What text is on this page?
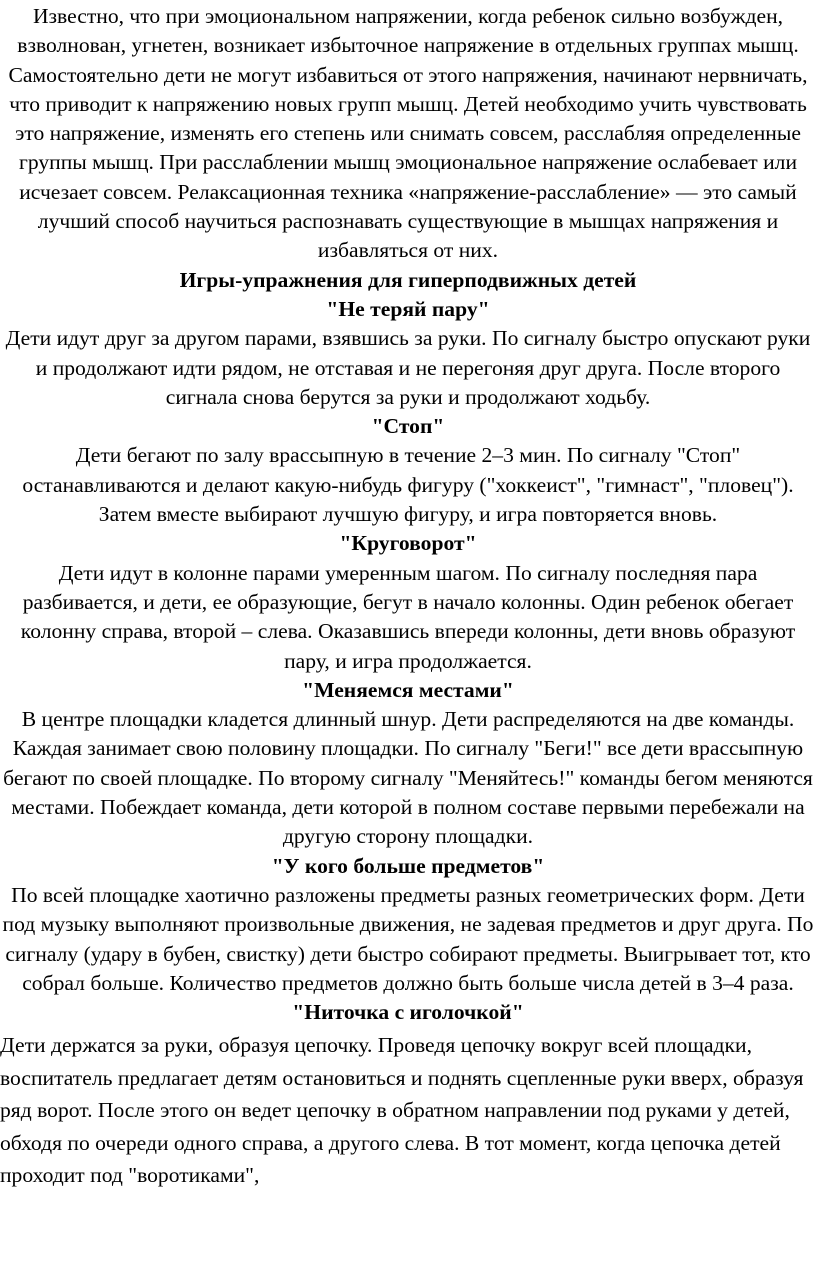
Известно, что при эмоциональном напряжении, когда ребенок сильно возбужден, взволнован, угнетен, возникает избыточное напряжение в отдельных группах мышц. Самостоятельно дети не могут избавиться от этого напряжения, начинают нервничать, что приводит к напряжению новых групп мышц. Детей необходимо учить чувствовать это напряжение, изменять его степень или снимать совсем, расслабляя определенные группы мышц. При расслаблении мышц эмоциональное напряжение ослабевает или исчезает совсем. Релаксационная техника «напряжение-расслабление» — это самый лучший способ научиться распознавать существующие в мышцах напряжения и избавляться от них.

Игры-упражнения для гиперподвижных детей

"Не теряй пару"

Дети идут друг за другом парами, взявшись за руки. По сигналу быстро опускают руки и продолжают идти рядом, не отставая и не перегоняя друг друга. После второго сигнала снова берутся за руки и продолжают ходьбу.

"Стоп"

Дети бегают по залу врассыпную в течение 2–3 мин. По сигналу "Стоп" останавливаются и делают какую-нибудь фигуру ("хоккеист", "гимнаст", "пловец"). Затем вместе выбирают лучшую фигуру, и игра повторяется вновь.

"Круговорот"

Дети идут в колонне парами умеренным шагом. По сигналу последняя пара разбивается, и дети, ее образующие, бегут в начало колонны. Один ребенок обегает колонну справа, второй – слева. Оказавшись впереди колонны, дети вновь образуют пару, и игра продолжается.

"Меняемся местами"

В центре площадки кладется длинный шнур. Дети распределяются на две команды. Каждая занимает свою половину площадки. По сигналу "Беги!" все дети врассыпную бегают по своей площадке. По второму сигналу "Меняйтесь!" команды бегом меняются местами. Побеждает команда, дети которой в полном составе первыми перебежали на другую сторону площадки.

"У кого больше предметов"

По всей площадке хаотично разложены предметы разных геометрических форм. Дети под музыку выполняют произвольные движения, не задевая предметов и друг друга. По сигналу (удару в бубен, свистку) дети быстро собирают предметы. Выигрывает тот, кто собрал больше. Количество предметов должно быть больше числа детей в 3–4 раза.

"Ниточка с иголочкой"

Дети держатся за руки, образуя цепочку. Проведя цепочку вокруг всей площадки, воспитатель предлагает детям остановиться и поднять сцепленные руки вверх, образуя ряд ворот. После этого он ведет цепочку в обратном направлении под руками у детей, обходя по очереди одного справа, а другого слева. В тот момент, когда цепочка детей проходит под "воротиками",
